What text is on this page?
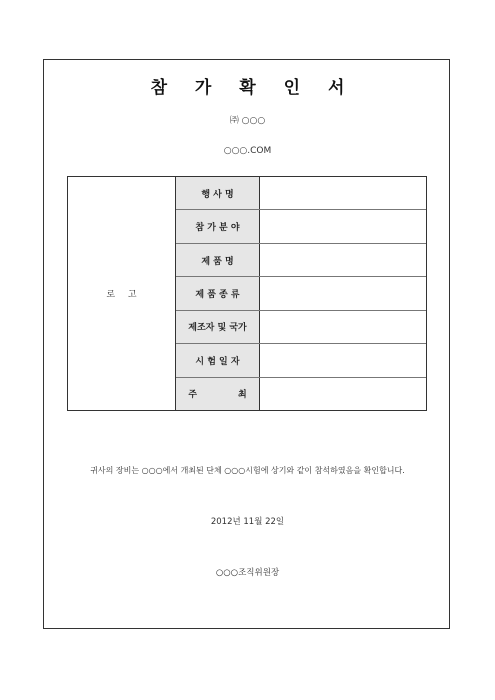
참 가 확 인 서
㈜ ○○○
○○○.COM
로 고
행 사 명
참 가 분 야
제 품 명
제 품 종 류
제조자 및 국가
시 험 일 자
주 최
귀사의 장비는 ○○○에서 개최된 단체 ○○○시험에 상기와 같이 참석하였음을 확인합니다.
2012년 11월 22일
○○○조직위원장
